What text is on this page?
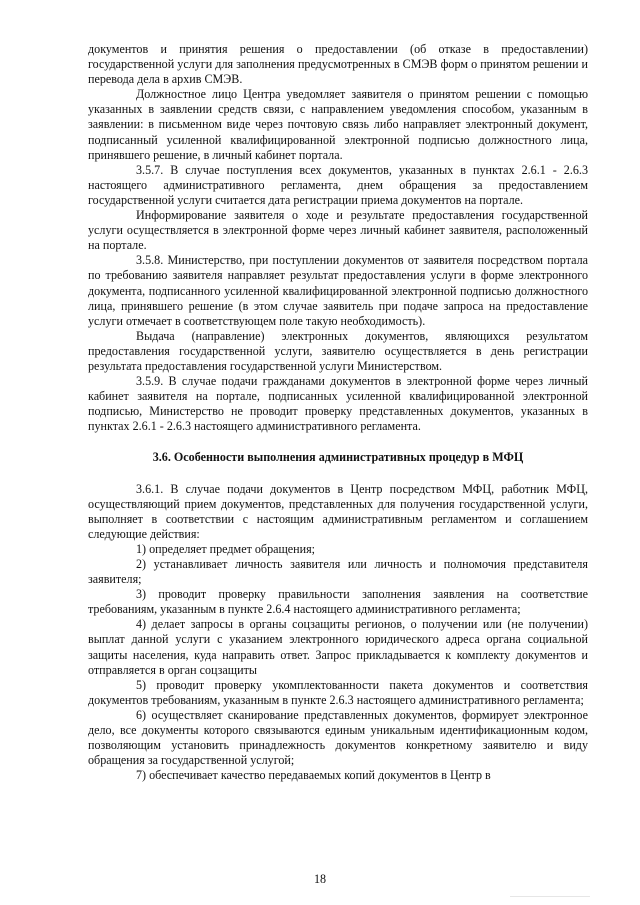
документов и принятия решения о предоставлении (об отказе в предоставлении) государственной услуги для заполнения предусмотренных в СМЭВ форм о принятом решении и перевода дела в архив СМЭВ.

Должностное лицо Центра уведомляет заявителя о принятом решении с помощью указанных в заявлении средств связи, с направлением уведомления способом, указанным в заявлении: в письменном виде через почтовую связь либо направляет электронный документ, подписанный усиленной квалифицированной электронной подписью должностного лица, принявшего решение, в личный кабинет портала.

3.5.7. В случае поступления всех документов, указанных в пунктах 2.6.1 - 2.6.3 настоящего административного регламента, днем обращения за предоставлением государственной услуги считается дата регистрации приема документов на портале.

Информирование заявителя о ходе и результате предоставления государственной услуги осуществляется в электронной форме через личный кабинет заявителя, расположенный на портале.

3.5.8. Министерство, при поступлении документов от заявителя посредством портала по требованию заявителя направляет результат предоставления услуги в форме электронного документа, подписанного усиленной квалифицированной электронной подписью должностного лица, принявшего решение (в этом случае заявитель при подаче запроса на предоставление услуги отмечает в соответствующем поле такую необходимость).

Выдача (направление) электронных документов, являющихся результатом предоставления государственной услуги, заявителю осуществляется в день регистрации результата предоставления государственной услуги Министерством.

3.5.9. В случае подачи гражданами документов в электронной форме через личный кабинет заявителя на портале, подписанных усиленной квалифицированной электронной подписью, Министерство не проводит проверку представленных документов, указанных в пунктах 2.6.1 - 2.6.3 настоящего административного регламента.

3.6. Особенности выполнения административных процедур в МФЦ

3.6.1. В случае подачи документов в Центр посредством МФЦ, работник МФЦ, осуществляющий прием документов, представленных для получения государственной услуги, выполняет в соответствии с настоящим административным регламентом и соглашением следующие действия:

1) определяет предмет обращения;

2) устанавливает личность заявителя или личность и полномочия представителя заявителя;

3) проводит проверку правильности заполнения заявления на соответствие требованиям, указанным в пункте 2.6.4 настоящего административного регламента;

4) делает запросы в органы соцзащиты регионов, о получении или (не получении) выплат данной услуги с указанием электронного юридического адреса органа социальной защиты населения, куда направить ответ. Запрос прикладывается к комплекту документов и отправляется в орган соцзащиты

5) проводит проверку укомплектованности пакета документов и соответствия документов требованиям, указанным в пункте 2.6.3 настоящего административного регламента;

6) осуществляет сканирование представленных документов, формирует электронное дело, все документы которого связываются единым уникальным идентификационным кодом, позволяющим установить принадлежность документов конкретному заявителю и виду обращения за государственной услугой;

7) обеспечивает качество передаваемых копий документов в Центр в

18
